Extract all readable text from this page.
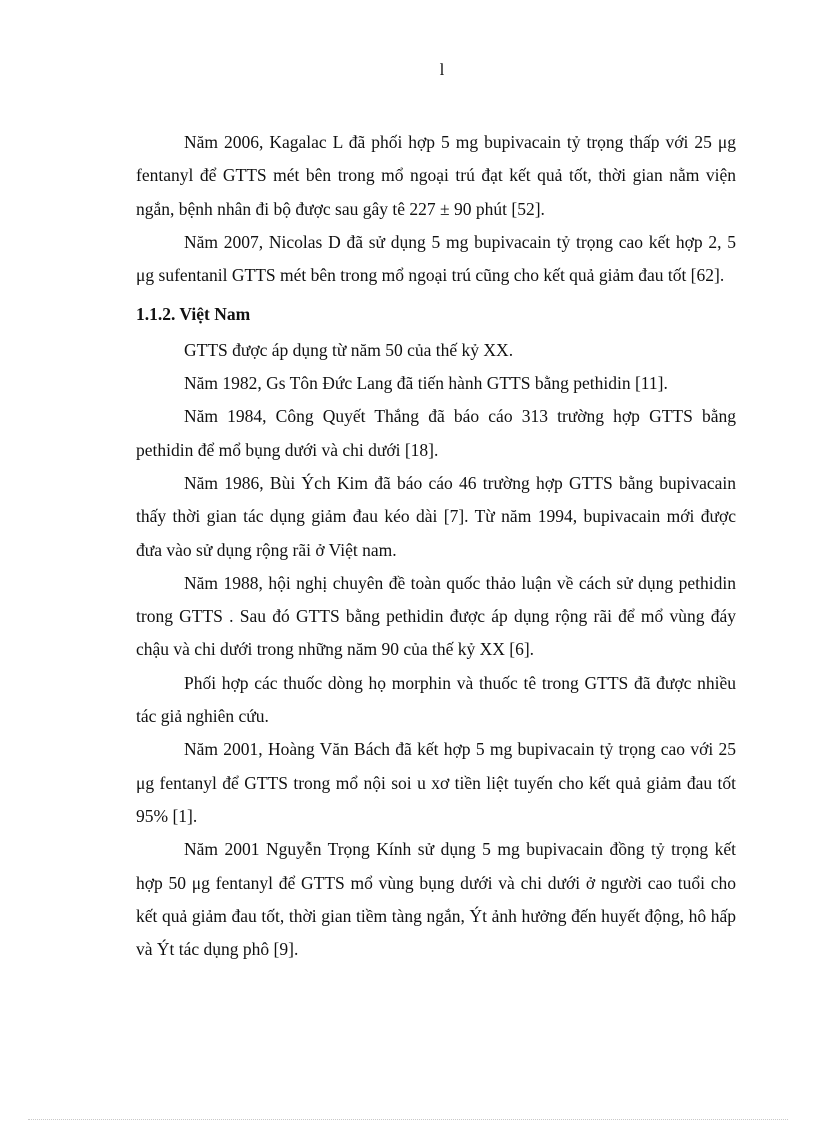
l

Năm 2006, Kagalac L đã phối hợp 5 mg bupivacain tỷ trọng thấp với 25 μg fentanyl để GTTS mét bên trong mổ ngoại trú đạt kết quả tốt, thời gian nằm viện ngắn, bệnh nhân đi bộ được sau gây tê 227 ± 90 phút [52].

Năm 2007, Nicolas D đã sử dụng 5 mg bupivacain tỷ trọng cao kết hợp 2, 5 μg sufentanil GTTS mét bên trong mổ ngoại trú cũng cho kết quả giảm đau tốt [62].

1.1.2. Việt Nam

GTTS được áp dụng từ năm 50 của thế kỷ XX.

Năm 1982, Gs Tôn Đức Lang đã tiến hành GTTS bằng pethidin [11].

Năm 1984, Công Quyết Thắng đã báo cáo 313 trường hợp GTTS bằng pethidin để mổ bụng dưới và chi dưới [18].

Năm 1986, Bùi Ých Kim đã báo cáo 46 trường hợp GTTS bằng bupivacain thấy thời gian tác dụng giảm đau kéo dài [7]. Từ năm 1994, bupivacain mới được đưa vào sử dụng rộng rãi ở Việt nam.

Năm 1988, hội nghị chuyên đề toàn quốc thảo luận về cách sử dụng pethidin trong GTTS . Sau đó GTTS bằng pethidin được áp dụng rộng rãi để mổ vùng đáy chậu và chi dưới trong những năm 90 của thế kỷ XX [6].

Phối hợp các thuốc dòng họ morphin và thuốc tê trong GTTS đã được nhiều tác giả nghiên cứu.

Năm 2001, Hoàng Văn Bách đã kết hợp 5 mg bupivacain tỷ trọng cao với 25 μg fentanyl để GTTS trong mổ nội soi u xơ tiền liệt tuyến cho kết quả giảm đau tốt 95% [1].

Năm 2001 Nguyễn Trọng Kính sử dụng 5 mg bupivacain đồng tỷ trọng kết hợp 50 μg fentanyl để GTTS mổ vùng bụng dưới và chi dưới ở người cao tuổi cho kết quả giảm đau tốt, thời gian tiềm tàng ngắn, Ýt ảnh hưởng đến huyết động, hô hấp và Ýt tác dụng phô [9].
